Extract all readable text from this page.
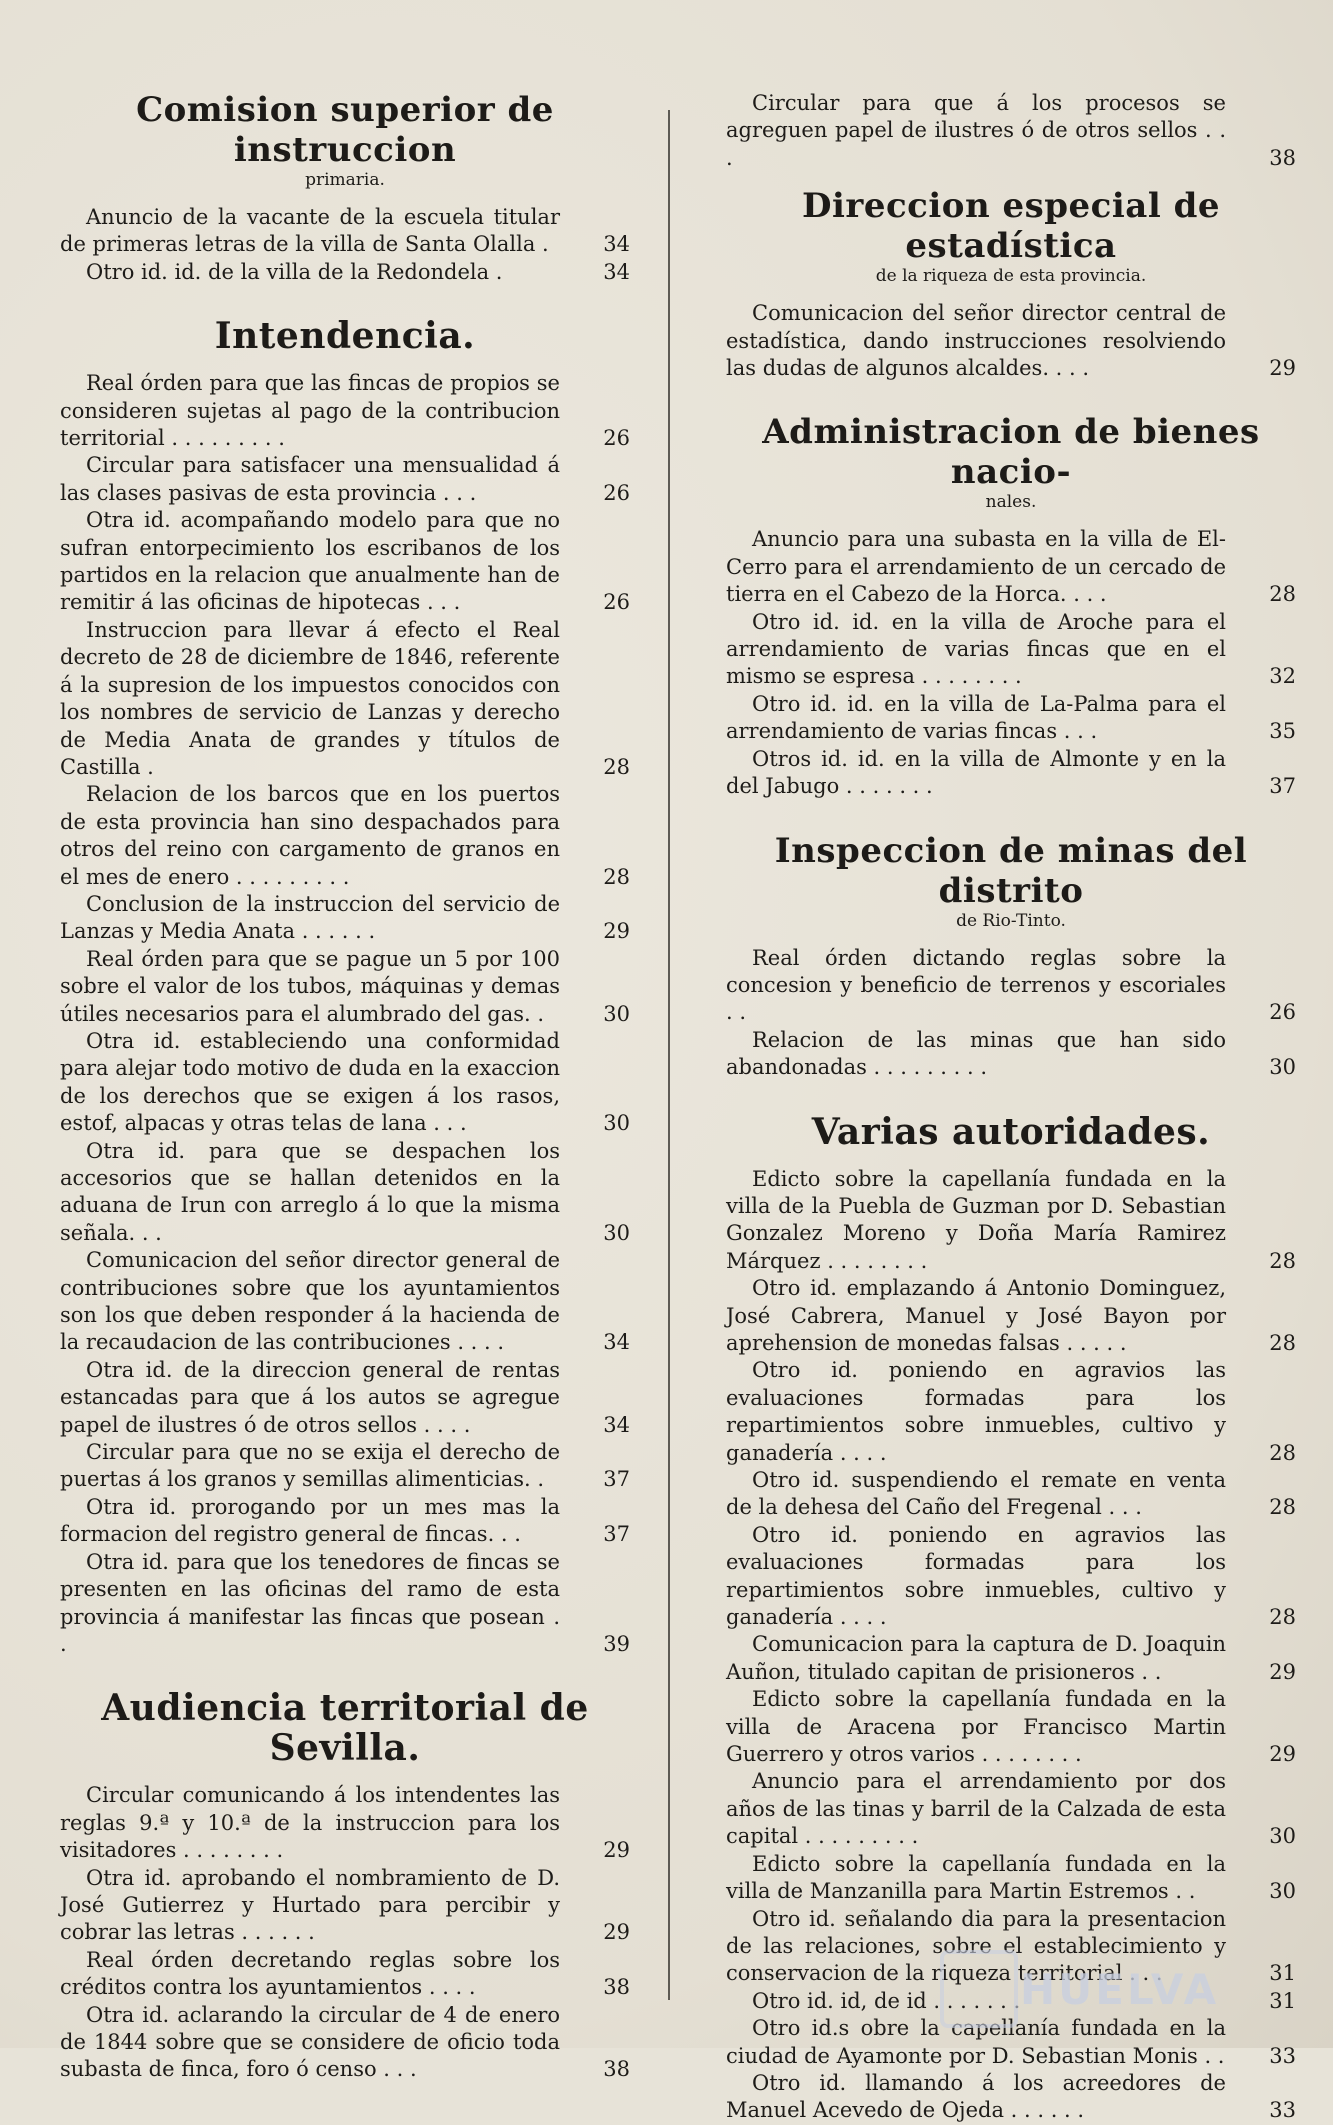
Comision superior de instruccion

primaria.

Anuncio de la vacante de la escuela titular de primeras letras de la villa de Santa Olalla .	34

Otro id. id. de la villa de la Redondela .	34

Intendencia.

Real órden para que las fincas de propios se consideren sujetas al pago de la contribucion territorial . . . . . . . . .	26

Circular para satisfacer una mensualidad á las clases pasivas de esta provincia . . .	26

Otra id. acompañando modelo para que no sufran entorpecimiento los escribanos de los partidos en la relacion que anualmente han de remitir á las oficinas de hipotecas . . .	26

Instruccion para llevar á efecto el Real decreto de 28 de diciembre de 1846, referente á la supresion de los impuestos conocidos con los nombres de servicio de Lanzas y derecho de Media Anata de grandes y títulos de Castilla .	28

Relacion de los barcos que en los puertos de esta provincia han sino despachados para otros del reino con cargamento de granos en el mes de enero . . . . . . . . .	28

Conclusion de la instruccion del servicio de Lanzas y Media Anata . . . . . .	29

Real órden para que se pague un 5 por 100 sobre el valor de los tubos, máquinas y demas útiles necesarios para el alumbrado del gas. .	30

Otra id. estableciendo una conformidad para alejar todo motivo de duda en la exaccion de los derechos que se exigen á los rasos, estof, alpacas y otras telas de lana . . .	30

Otra id. para que se despachen los accesorios que se hallan detenidos en la aduana de Irun con arreglo á lo que la misma señala. . .	30

Comunicacion del señor director general de contribuciones sobre que los ayuntamientos son los que deben responder á la hacienda de la recaudacion de las contribuciones . . . .	34

Otra id. de la direccion general de rentas estancadas para que á los autos se agregue papel de ilustres ó de otros sellos . . . .	34

Circular para que no se exija el derecho de puertas á los granos y semillas alimenticias. .	37

Otra id. prorogando por un mes mas la formacion del registro general de fincas. . .	37

Otra id. para que los tenedores de fincas se presenten en las oficinas del ramo de esta provincia á manifestar las fincas que posean . .	39

Audiencia territorial de Sevilla.

Circular comunicando á los intendentes las reglas 9.ª y 10.ª de la instruccion para los visitadores . . . . . . . .	29

Otra id. aprobando el nombramiento de D. José Gutierrez y Hurtado para percibir y cobrar las letras . . . . . .	29

Real órden decretando reglas sobre los créditos contra los ayuntamientos . . . .	38

Otra id. aclarando la circular de 4 de enero de 1844 sobre que se considere de oficio toda subasta de finca, foro ó censo . . .	38

Circular para que á los procesos se agreguen papel de ilustres ó de otros sellos . . .	38

Direccion especial de estadística

de la riqueza de esta provincia.

Comunicacion del señor director central de estadística, dando instrucciones resolviendo las dudas de algunos alcaldes. . . .	29

Administracion de bienes nacio-

nales.

Anuncio para una subasta en la villa de El-Cerro para el arrendamiento de un cercado de tierra en el Cabezo de la Horca. . . .	28

Otro id. id. en la villa de Aroche para el arrendamiento de varias fincas que en el mismo se espresa . . . . . . . .	32

Otro id. id. en la villa de La-Palma para el arrendamiento de varias fincas . . .	35

Otros id. id. en la villa de Almonte y en la del Jabugo . . . . . . .	37

Inspeccion de minas del distrito

de Rio-Tinto.

Real órden dictando reglas sobre la concesion y beneficio de terrenos y escoriales . .	26

Relacion de las minas que han sido abandonadas . . . . . . . . .	30

Varias autoridades.

Edicto sobre la capellanía fundada en la villa de la Puebla de Guzman por D. Sebastian Gonzalez Moreno y Doña María Ramirez Márquez . . . . . . . .	28

Otro id. emplazando á Antonio Dominguez, José Cabrera, Manuel y José Bayon por aprehension de monedas falsas . . . . .	28

Otro id. poniendo en agravios las evaluaciones formadas para los repartimientos sobre inmuebles, cultivo y ganadería . . . .	28

Otro id. suspendiendo el remate en venta de la dehesa del Caño del Fregenal . . .	28

Otro id. poniendo en agravios las evaluaciones formadas para los repartimientos sobre inmuebles, cultivo y ganadería . . . .	28

Comunicacion para la captura de D. Joaquin Auñon, titulado capitan de prisioneros . .	29

Edicto sobre la capellanía fundada en la villa de Aracena por Francisco Martin Guerrero y otros varios . . . . . . . .	29

Anuncio para el arrendamiento por dos años de las tinas y barril de la Calzada de esta capital . . . . . . . . .	30

Edicto sobre la capellanía fundada en la villa de Manzanilla para Martin Estremos . .	30

Otro id. señalando dia para la presentacion de las relaciones, sobre el establecimiento y conservacion de la riqueza territorial . . .	31

Otro id. id, de id . . . . . . .	31

Otro id.s obre la capellanía fundada en la ciudad de Ayamonte por D. Sebastian Monis . .	33

Otro id. llamando á los acreedores de Manuel Acevedo de Ojeda . . . . . .	33

HUELVA
